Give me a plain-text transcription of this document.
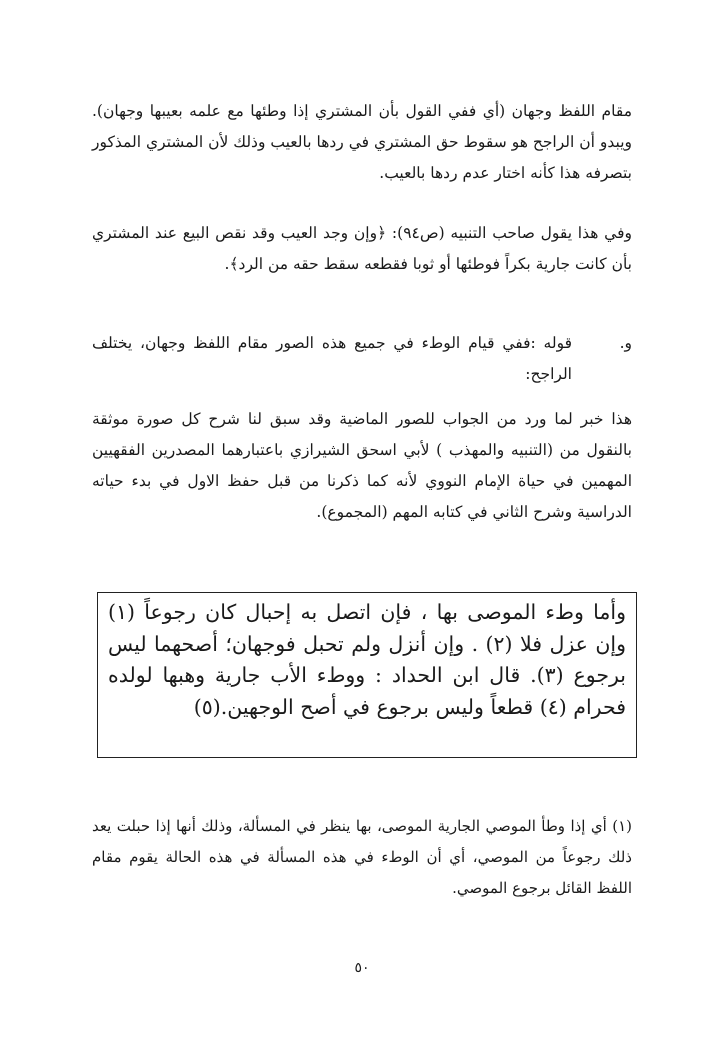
مقام اللفظ وجهان (أي ففي القول بأن المشتري إذا وطئها مع علمه بعيبها وجهان). ويبدو أن الراجح هو سقوط حق المشتري في ردها بالعيب وذلك لأن المشتري المذكور بتصرفه هذا كأنه اختار عدم ردها بالعيب.

وفي هذا يقول صاحب التنبيه (ص٩٤): ﴿وإن وجد العيب وقد نقص البيع عند المشتري بأن كانت جارية بكراً فوطئها أو ثوبا فقطعه سقط حقه من الرد﴾.

و.
قوله :ففي قيام الوطء في جميع هذه الصور مقام اللفظ وجهان، يختلف الراجح:

هذا خبر لما ورد من الجواب للصور الماضية وقد سبق لنا شرح كل صورة موثقة بالنقول من (التنبيه والمهذب ) لأبي اسحق الشيرازي باعتبارهما المصدرين الفقهيين المهمين في حياة الإمام النووي لأنه كما ذكرنا من قبل حفظ الاول في بدء حياته الدراسية وشرح الثاني في كتابه المهم (المجموع).

وأما وطء الموصى بها ، فإن اتصل به إحبال كان رجوعاً (١) وإن عزل فلا (٢) . وإن أنزل ولم تحبل فوجهان؛ أصحهما ليس برجوع (٣). قال ابن الحداد : ووطء الأب جارية وهبها لولده فحرام (٤) قطعاً وليس برجوع في أصح الوجهين.(٥)
(١) أي إذا وطأ الموصي الجارية الموصى، بها ينظر في المسألة، وذلك أنها إذا حبلت يعد ذلك رجوعاً من الموصي، أي أن الوطء في هذه المسألة في هذه الحالة يقوم مقام اللفظ القائل برجوع الموصي.
٥٠
